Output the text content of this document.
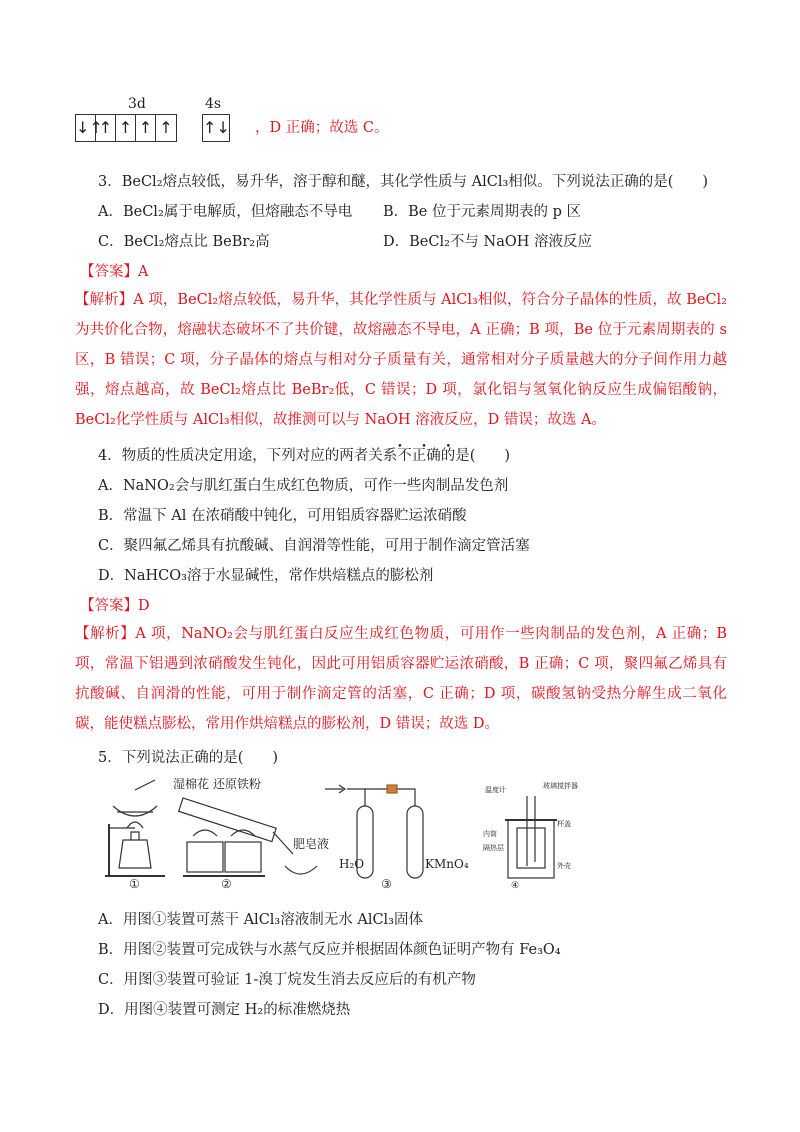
3d	4s
↓↑
↑ ↑ ↑ ↑ ↑↓ ，D 正确；故选 C。
3．BeCl₂熔点较低，易升华，溶于醇和醚，其化学性质与 AlCl₃相似。下列说法正确的是(　　)
A．BeCl₂属于电解质，但熔融态不导电 B．Be 位于元素周期表的 p 区
C．BeCl₂熔点比 BeBr₂高	D．BeCl₂不与 NaOH 溶液反应
【答案】A
【解析】A 项，BeCl₂熔点较低，易升华，其化学性质与 AlCl₃相似，符合分子晶体的性质，故 BeCl₂为共价化合物，熔融状态破坏不了共价键，故熔融态不导电，A 正确；B 项，Be 位于元素周期表的 s 区，B 错误；C 项，分子晶体的熔点与相对分子质量有关，通常相对分子质量越大的分子间作用力越强，熔点越高，故 BeCl₂熔点比 BeBr₂低，C 错误；D 项，氯化铝与氢氧化钠反应生成偏铝酸钠，BeCl₂化学性质与 AlCl₃相似，故推测可以与 NaOH 溶液反应，D 错误；故选 A。
4．物质的性质决定用途，下列对应的两者关系不正确
• • •
的是(　　)
A．NaNO₂会与肌红蛋白生成红色物质，可作一些肉制品发色剂
B．常温下 Al 在浓硝酸中钝化，可用铝质容器贮运浓硝酸
C．聚四氟乙烯具有抗酸碱、自润滑等性能，可用于制作滴定管活塞
D．NaHCO₃溶于水显碱性，常作烘焙糕点的膨松剂
【答案】D
【解析】A 项，NaNO₂会与肌红蛋白反应生成红色物质，可用作一些肉制品的发色剂，A 正确；B 项，常温下铝遇到浓硝酸发生钝化，因此可用铝质容器贮运浓硝酸，B 正确；C 项，聚四氟乙烯具有抗酸碱、自润滑的性能，可用于制作滴定管的活塞，C 正确；D 项，碳酸氢钠受热分解生成二氧化碳，能使糕点膨松，常用作烘焙糕点的膨松剂，D 错误；故选 D。
5．下列说法正确的是(　　)
①	②	③	④
湿棉花 还原铁粉
肥皂液
H₂O	KMnO₄
温度计	玻璃搅拌器
内筒
杯盖
隔热层
外壳
A．用图①装置可蒸干 AlCl₃溶液制无水 AlCl₃固体
B．用图②装置可完成铁与水蒸气反应并根据固体颜色证明产物有 Fe₃O₄
C．用图③装置可验证 1-溴丁烷发生消去反应后的有机产物
D．用图④装置可测定 H₂的标准燃烧热
